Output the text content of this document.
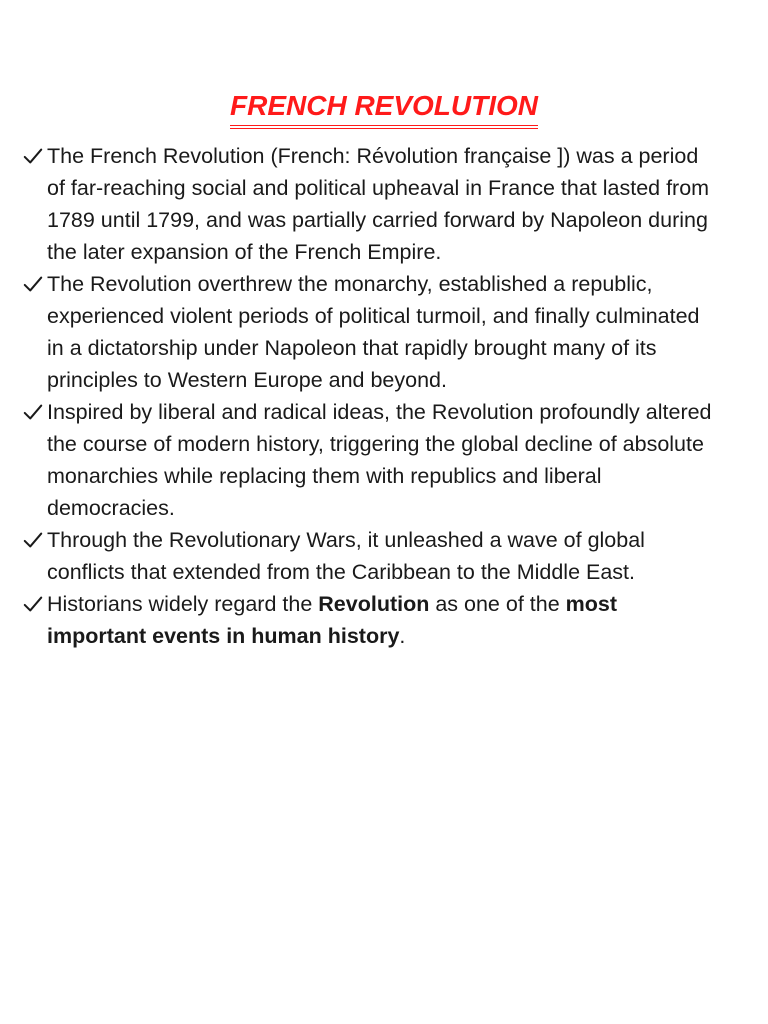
FRENCH REVOLUTION
The French Revolution (French: Révolution française ]) was a period of far-reaching social and political upheaval in France that lasted from 1789 until 1799, and was partially carried forward by Napoleon during the later expansion of the French Empire.
The Revolution overthrew the monarchy, established a republic, experienced violent periods of political turmoil, and finally culminated in a dictatorship under Napoleon that rapidly brought many of its principles to Western Europe and beyond.
Inspired by liberal and radical ideas, the Revolution profoundly altered the course of modern history, triggering the global decline of absolute monarchies while replacing them with republics and liberal democracies.
Through the Revolutionary Wars, it unleashed a wave of global conflicts that extended from the Caribbean to the Middle East.
Historians widely regard the Revolution as one of the most important events in human history.
